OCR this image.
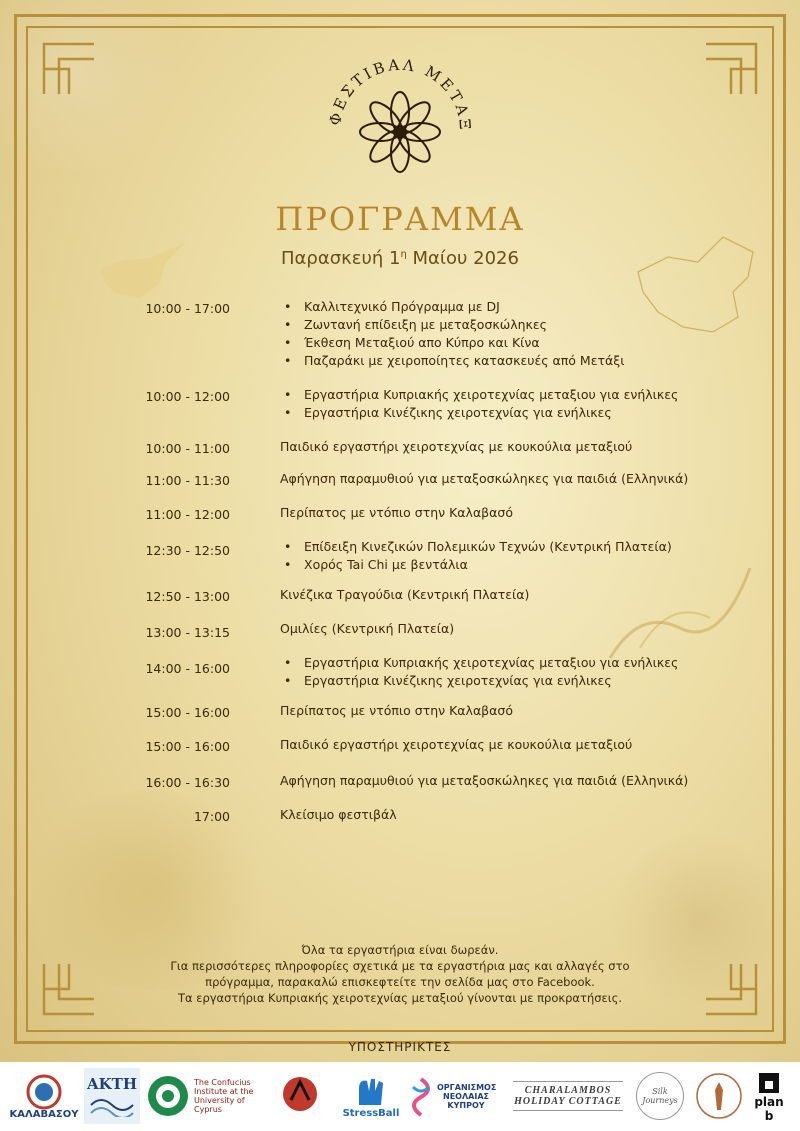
ΦΕΣΤΙΒΑΛ ΜΕΤΑΞ
ΠΡΟΓΡΑΜΜΑ
Παρασκευή $1^\eta$ Μαίου 2026
10:00 - 17:00	• Καλλιτεχνικό Πρόγραμμα με DJ
• Ζωντανή επίδειξη με μεταξοσκώληκες
• Έκθεση Μεταξιού απο Κύπρο και Κίνα
• Παζαράκι με χειροποίητες κατασκευές από Μετάξι
10:00 - 12:00	• Εργαστήρια Κυπριακής χειροτεχνίας μεταξιου για ενήλικες
• Εργαστήρια Κινέζικης χειροτεχνίας για ενήλικες
10:00 - 11:00	Παιδικό εργαστήρι χειροτεχνίας με κουκούλια μεταξιού
11:00 - 11:30	Αφήγηση παραμυθιού για μεταξοσκώληκες για παιδιά (Ελληνικά)
11:00 - 12:00	Περίπατος με ντόπιο στην Καλαβασό
12:30 - 12:50	• Επίδειξη Κινεζικών Πολεμικών Τεχνών (Κεντρική Πλατεία)
• Χορός Tai Chi με βεντάλια
12:50 - 13:00	Κινέζικα Τραγούδια (Κεντρική Πλατεία)
13:00 - 13:15	Ομιλίες (Κεντρική Πλατεία)
14:00 - 16:00	• Εργαστήρια Κυπριακής χειροτεχνίας μεταξιου για ενήλικες
• Εργαστήρια Κινέζικης χειροτεχνίας για ενήλικες
15:00 - 16:00	Περίπατος με ντόπιο στην Καλαβασό
15:00 - 16:00	Παιδικό εργαστήρι χειροτεχνίας με κουκούλια μεταξιού
16:00 - 16:30	Αφήγηση παραμυθιού για μεταξοσκώληκες για παιδιά (Ελληνικά)
17:00	Κλείσιμο φεστιβάλ
Όλα τα εργαστήρια είναι δωρεάν.
Για περισσότερες πληροφορίες σχετικά με τα εργαστήρια μας και αλλαγές στο
πρόγραμμα, παρακαλώ επισκεφτείτε την σελίδα μας στο Facebook.
Τα εργαστήρια Κυπριακής χειροτεχνίας μεταξιού γίνονται με προκρατήσεις.
ΥΠΟΣΤΗΡΙΚΤΕΣ
ΚΑΛΑΒΑΣΟΥ
ΑΚΤΗ	The Confucius Institute at the University of Cyprus	StressBall
ΟΡΓΑΝΙΣΜΟΣ ΝΕΟΛΑΙΑΣ ΚΥΠΡΟΥ
CHARALAMBOS HOLIDAY COTTAGE
Silk Journeys	plan b
